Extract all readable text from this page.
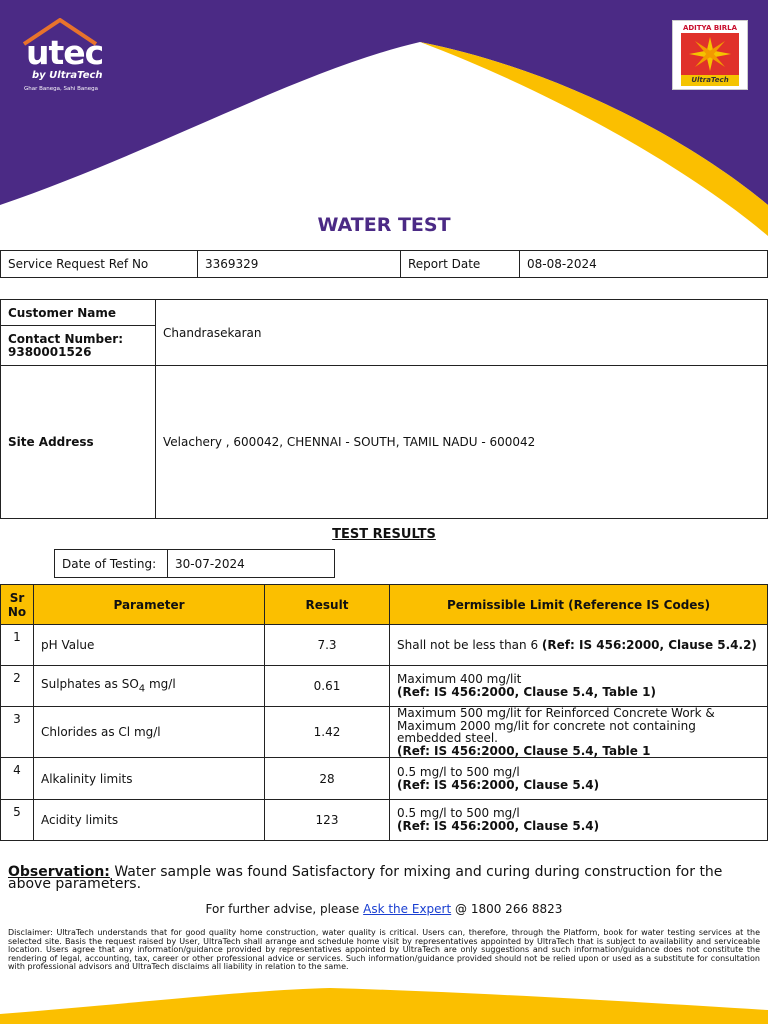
utec
by UltraTech
Ghar Banega, Sahi Banega
ADITYA BIRLA
UltraTech
WATER TEST
Service Request Ref No	3369329	Report Date	08-08-2024
Customer Name	Chandrasekaran
Contact Number:
9380001526	
Site Address	Velachery , 600042, CHENNAI - SOUTH, TAMIL NADU - 600042
TEST RESULTS
Date of Testing:	30-07-2024
Sr No	Parameter	Result	Permissible Limit (Reference IS Codes)
1	pH Value	7.3	Shall not be less than 6 (Ref: IS 456:2000, Clause 5.4.2)
2	Sulphates as $SO_4$ mg/l	0.61	Maximum 400 mg/lit
(Ref: IS 456:2000, Clause 5.4, Table 1)
3	Chlorides as Cl mg/l	1.42	Maximum 500 mg/lit for Reinforced Concrete Work & Maximum 2000 mg/lit for concrete not containing embedded steel.
(Ref: IS 456:2000, Clause 5.4, Table 1
4	Alkalinity limits	28	0.5 mg/l to 500 mg/l
(Ref: IS 456:2000, Clause 5.4)
5	Acidity limits	123	0.5 mg/l to 500 mg/l
(Ref: IS 456:2000, Clause 5.4)
Observation: Water sample was found Satisfactory for mixing and curing during construction for the above parameters.
For further advise, please Ask the Expert @ 1800 266 8823
Disclaimer: UltraTech understands that for good quality home construction, water quality is critical. Users can, therefore, through the Platform, book for water testing services at the selected site. Basis the request raised by User, UltraTech shall arrange and schedule home visit by representatives appointed by UltraTech that is subject to availability and serviceable location. Users agree that any information/guidance provided by representatives appointed by UltraTech are only suggestions and such information/guidance does not constitute the rendering of legal, accounting, tax, career or other professional advice or services. Such information/guidance provided should not be relied upon or used as a substitute for consultation with professional advisors and UltraTech disclaims all liability in relation to the same.
